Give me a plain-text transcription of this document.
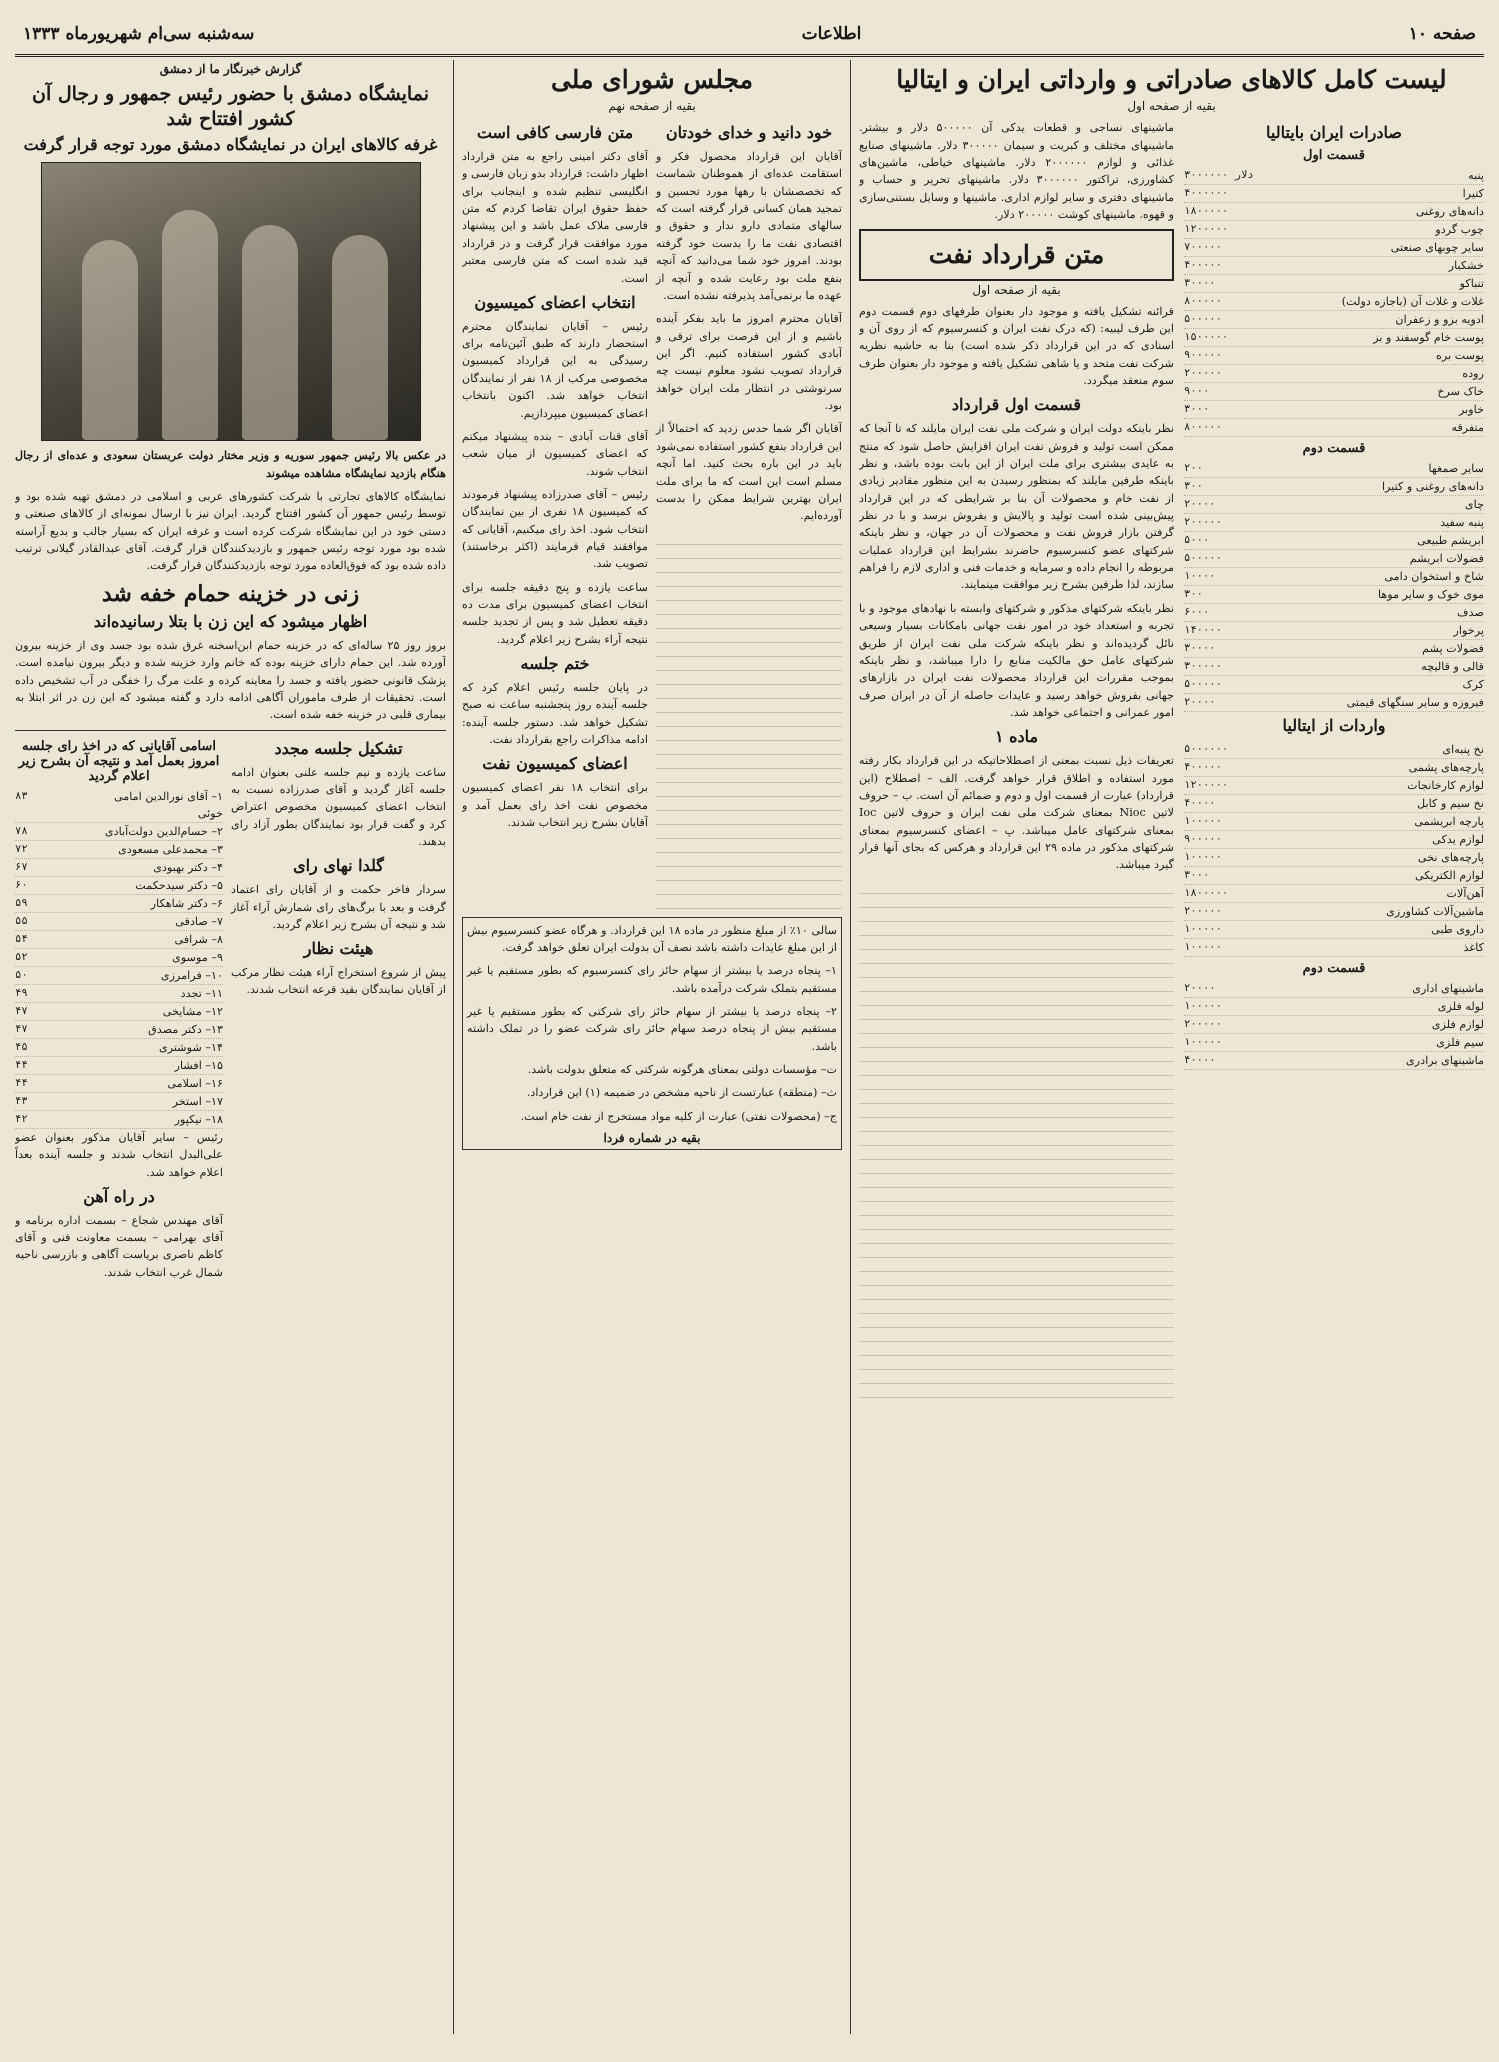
صفحه ۱۰
اطلاعات
سه‌شنبه سی‌ام شهریورماه ۱۳۳۳
لیست کامل کالاهای صادراتی و وارداتی ایران و ایتالیا
بقیه از صفحه اول
صادرات ایران بایتالیا
قسمت اول
پنبه
۳۰۰۰۰۰۰ دلار
کتیرا
۴۰۰۰۰۰۰
دانه‌های روغنی
۱۸۰۰۰۰۰
چوب گردو
۱۲۰۰۰۰۰
سایر چوبهای صنعتی
۷۰۰۰۰۰
خشکبار
۴۰۰۰۰۰
تنباکو
۳۰۰۰۰
غلات و غلات آن (باجازه دولت)
۸۰۰۰۰۰
ادویه بزو و زعفران
۵۰۰۰۰۰
پوست خام گوسفند و بز
۱۵۰۰۰۰۰
پوست بره
۹۰۰۰۰۰
روده
۲۰۰۰۰۰
خاک سرخ
۹۰۰۰
خاوبر
۳۰۰۰
متفرقه
۸۰۰۰۰۰
قسمت دوم
سایر صمغها
۲۰۰
دانه‌های روغنی و کتیرا
۳۰۰
چای
۲۰۰۰۰
پنبه سفید
۲۰۰۰۰۰
ابریشم طبیعی
۵۰۰۰
فضولات ابریشم
۵۰۰۰۰۰
شاخ و استخوان دامی
۱۰۰۰۰
موی خوک و سایر موها
۳۰۰
صدف
۶۰۰۰
پرخوار
۱۴۰۰۰۰
فضولات پشم
۳۰۰۰۰
قالی و قالیچه
۳۰۰۰۰۰
کرک
۵۰۰۰۰۰
فیروزه و سایر سنگهای قیمتی
۲۰۰۰۰
واردات از ایتالیا
نخ پنبه‌ای
۵۰۰۰۰۰۰
پارچه‌های پشمی
۴۰۰۰۰۰
لوازم کارخانجات
۱۲۰۰۰۰۰
نخ سیم و کابل
۴۰۰۰۰
پارچه ابریشمی
۱۰۰۰۰۰
لوازم یدکی
۹۰۰۰۰۰
پارچه‌های نخی
۱۰۰۰۰۰
لوازم الکتریکی
۳۰۰۰
آهن‌آلات
۱۸۰۰۰۰۰
ماشین‌آلات کشاورزی
۲۰۰۰۰۰
داروی طبی
۱۰۰۰۰۰
کاغذ
۱۰۰۰۰۰
قسمت دوم
ماشینهای اداری
۲۰۰۰۰
لوله فلزی
۱۰۰۰۰۰
لوازم فلزی
۲۰۰۰۰۰
سیم فلزی
۱۰۰۰۰۰
ماشینهای برادری
۴۰۰۰۰

ماشینهای نساجی و قطعات یدکی آن ۵۰۰۰۰۰ دلار و بیشتر. ماشینهای مختلف و کبریت و سیمان ۳۰۰۰۰۰ دلار. ماشینهای صنایع غذائی و لوازم ۲۰۰۰۰۰۰ دلار. ماشینهای خیاطی، ماشین‌های کشاورزی، تراکتور ۳۰۰۰۰۰۰ دلار. ماشینهای تحریر و حساب و ماشینهای دفتری و سایر لوازم اداری. ماشینها و وسایل بستنی‌سازی و قهوه. ماشینهای کوشت ۲۰۰۰۰۰ دلار.

متن قرارداد نفت
بقیه از صفحه اول

قرائنه تشکیل یافته و موجود دار بعنوان طرفهای دوم قسمت دوم این طرف لیبیه: (که درک نفت ایران و کنسرسیوم که از روی آن و اسنادی که در این قرارداد ذکر شده است) بنا به حاشیه نظریه شرکت نفت متحد و یا شاهی تشکیل یافته و موجود دار بعنوان طرف سوم منعقد میگردد.

قسمت اول قرارداد

نظر باینکه دولت ایران و شرکت ملی نفت ایران مایلند که تا آنجا که ممکن است تولید و فروش نفت ایران افزایش حاصل شود که منتج به عایدی بیشتری برای ملت ایران از این بابت بوده باشد، و نظر باینکه طرفین مایلند که بمنظور رسیدن به این منظور مقادیر زیادی از نفت خام و محصولات آن بنا بر شرایطی که در این قرارداد پیش‌بینی شده است تولید و پالایش و بفروش برسد و با در نظر گرفتن بازار فروش نفت و محصولات آن در جهان، و نظر باینکه شرکتهای عضو کنسرسیوم حاضرند بشرایط این قرارداد عملیات مربوطه را انجام داده و سرمایه و خدمات فنی و اداری لازم را فراهم سازند، لذا طرفین بشرح زیر موافقت مینمایند.

نظر باینکه شرکتهای مذکور و شرکتهای وابسته با نهادهای موجود و با تجربه و استعداد خود در امور نفت جهانی بامکانات بسیار وسیعی نائل گردیده‌اند و نظر باینکه شرکت ملی نفت ایران از طریق شرکتهای عامل حق مالکیت منابع را دارا میباشد، و نظر باینکه بموجب مقررات این قرارداد محصولات نفت ایران در بازارهای جهانی بفروش خواهد رسید و عایدات حاصله از آن در ایران صرف امور عمرانی و اجتماعی خواهد شد.

ماده ۱

تعریفات ذیل نسبت بمعنی از اصطلاحاتیکه در این قرارداد بکار رفته مورد استفاده و اطلاق قرار خواهد گرفت. الف – اصطلاح (این قرارداد) عبارت از قسمت اول و دوم و ضمائم آن است. ب – حروف لاتین Nioc بمعنای شرکت ملی نفت ایران و حروف لاتین Ioc بمعنای شرکتهای عامل میباشد. پ – اعضای کنسرسیوم بمعنای شرکتهای مذکور در ماده ۲۹ این قرارداد و هرکس که بجای آنها قرار گیرد میباشد.

مجلس شورای ملی
بقیه از صفحه نهم
خود دانید و خدای خودتان

آقایان این قرارداد محصول فکر و استقامت عده‌ای از هموطنان شماست که تخصصشان با رهها مورد تحسین و تمجید همان کسانی قرار گرفته است که سالهای متمادی دارو ندار و حقوق و اقتصادی نفت ما را بدست خود گرفته بودند. امروز خود شما می‌دانید که آنچه بنفع ملت بود رعایت شده و آنچه از عهده ما برنمی‌آمد پذیرفته نشده است.

آقایان محترم امروز ما باید بفکر آینده باشیم و از این فرصت برای ترقی و آبادی کشور استفاده کنیم. اگر این قرارداد تصویب نشود معلوم نیست چه سرنوشتی در انتظار ملت ایران خواهد بود.

آقایان اگر شما حدس زدید که احتمالاً از این قرارداد بنفع کشور استفاده نمی‌شود باید در این باره بحث کنید. اما آنچه مسلم است این است که ما برای ملت ایران بهترین شرایط ممکن را بدست آورده‌ایم.

متن فارسی کافی است

آقای دکتر امینی راجع به متن قرارداد اظهار داشت: قرارداد بدو زبان فارسی و انگلیسی تنظیم شده و اینجانب برای حفظ حقوق ایران تقاضا کردم که متن فارسی ملاک عمل باشد و این پیشنهاد مورد موافقت قرار گرفت و در قرارداد قید شده است که متن فارسی معتبر است.

انتخاب اعضای کمیسیون

رئیس – آقایان نمایندگان محترم استحضار دارند که طبق آئین‌نامه برای رسیدگی به این قرارداد کمیسیون مخصوصی مرکب از ۱۸ نفر از نمایندگان انتخاب خواهد شد. اکنون بانتخاب اعضای کمیسیون میپردازیم.

آقای قنات آبادی – بنده پیشنهاد میکنم که اعضای کمیسیون از میان شعب انتخاب شوند.

رئیس – آقای صدرزاده پیشنهاد فرمودند که کمیسیون ۱۸ نفری از بین نمایندگان انتخاب شود. اخذ رای میکنیم، آقایانی که موافقند قیام فرمایند (اکثر برخاستند) تصویب شد.

ساعت یازده و پنج دقیقه جلسه برای انتخاب اعضای کمیسیون برای مدت ده دقیقه تعطیل شد و پس از تجدید جلسه نتیجه آراء بشرح زیر اعلام گردید.

ختم جلسه

در پایان جلسه رئیس اعلام کرد که جلسه آینده روز پنجشنبه ساعت نه صبح تشکیل خواهد شد. دستور جلسه آینده: ادامه مذاکرات راجع بقرارداد نفت.

اعضای کمیسیون نفت

برای انتخاب ۱۸ نفر اعضای کمیسیون مخصوص نفت اخذ رای بعمل آمد و آقایان بشرح زیر انتخاب شدند.

سالی ۱۰٪ از مبلغ منظور در ماده ۱۸ این قرارداد. و هرگاه عضو کنسرسیوم بیش از این مبلغ عایدات داشته باشد نصف آن بدولت ایران تعلق خواهد گرفت.

۱– پنجاه درصد یا بیشتر از سهام حائز رای کنسرسیوم که بطور مستقیم یا غیر مستقیم بتملک شرکت درآمده باشد.

۲– پنجاه درصد یا بیشتر از سهام حائز رای شرکتی که بطور مستقیم یا غیر مستقیم بیش از پنجاه درصد سهام حائز رای شرکت عضو را در تملک داشته باشد.

ت– مؤسسات دولتی بمعنای هرگونه شرکتی که متعلق بدولت باشد.

ث– (منطقه) عبارتست از ناحیه مشخص در ضمیمه (۱) این قرارداد.

ج– (محصولات نفتی) عبارت از کلیه مواد مستخرج از نفت خام است.

بقیه در شماره فردا
گزارش خبرنگار ما از دمشق
نمایشگاه دمشق با حضور رئیس جمهور و رجال آن کشور افتتاح شد
غرفه کالاهای ایران در نمایشگاه دمشق مورد توجه قرار گرفت

در عکس بالا رئیس جمهور سوریه و وزیر مختار دولت عربستان سعودی و عده‌ای از رجال هنگام بازدید نمایشگاه مشاهده میشوند

نمایشگاه کالاهای تجارتی با شرکت کشورهای عربی و اسلامی در دمشق تهیه شده بود و توسط رئیس جمهور آن کشور افتتاح گردید. ایران نیز با ارسال نمونه‌ای از کالاهای صنعتی و دستی خود در این نمایشگاه شرکت کرده است و غرفه ایران که بسیار جالب و بدیع آراسته شده بود مورد توجه رئیس جمهور و بازدیدکنندگان قرار گرفت. آقای عبدالقادر گیلانی ترتیب داده شده بود که فوق‌العاده مورد توجه بازدیدکنندگان قرار گرفت.

زنی در خزینه حمام خفه شد
اظهار میشود که این زن با بتلا رسانیده‌اند

بروز روز ۲۵ ساله‌ای که در خزینه حمام ابن‌اسخنه غرق شده بود جسد وی از خزینه بیرون آورده شد. این حمام دارای خزینه بوده که خانم وارد خزینه شده و دیگر بیرون نیامده است. پزشک قانونی حضور یافته و جسد را معاینه کرده و علت مرگ را خفگی در آب تشخیص داده است. تحقیقات از طرف ماموران آگاهی ادامه دارد و گفته میشود که این زن در اثر ابتلا به بیماری قلبی در خزینه خفه شده است.

تشکیل جلسه مجدد

ساعت یازده و نیم جلسه علنی بعنوان ادامه جلسه آغاز گردید و آقای صدرزاده نسبت به انتخاب اعضای کمیسیون مخصوص اعتراض کرد و گفت قرار بود نمایندگان بطور آزاد رای بدهند.

گلدا نهای رای

سردار فاخر حکمت و از آقایان رای اعتماد گرفت و بعد با برگ‌های رای شمارش آراء آغاز شد و نتیجه آن بشرح زیر اعلام گردید.

هیئت نظار

پیش از شروع استخراج آراء هیئت نظار مرکب از آقایان نمایندگان بقید قرعه انتخاب شدند.

اسامی آقایانی که در اخذ رای جلسه امروز بعمل آمد و نتیجه آن بشرح زیر اعلام گردید
۱– آقای نورالدین امامی خوئی
۸۳
۲– حسام‌الدین دولت‌آبادی
۷۸
۳– محمدعلی مسعودی
۷۲
۴– دکتر بهبودی
۶۷
۵– دکتر سیدحکمت
۶۰
۶– دکتر شاهکار
۵۹
۷– صادقی
۵۵
۸– شرافی
۵۴
۹– موسوی
۵۲
۱۰– فرامرزی
۵۰
۱۱– تجدد
۴۹
۱۲– مشایخی
۴۷
۱۳– دکتر مصدق
۴۷
۱۴– شوشتری
۴۵
۱۵– افشار
۴۴
۱۶– اسلامی
۴۴
۱۷– استخر
۴۳
۱۸– نیکپور
۴۲

رئیس – سایر آقایان مذکور بعنوان عضو علی‌البدل انتخاب شدند و جلسه آینده بعداً اعلام خواهد شد.

در راه آهن

آقای مهندس شجاع – بسمت اداره برنامه و آقای بهرامی – بسمت معاونت فنی و آقای کاظم ناصری بریاست آگاهی و بازرسی ناحیه شمال غرب انتخاب شدند.
